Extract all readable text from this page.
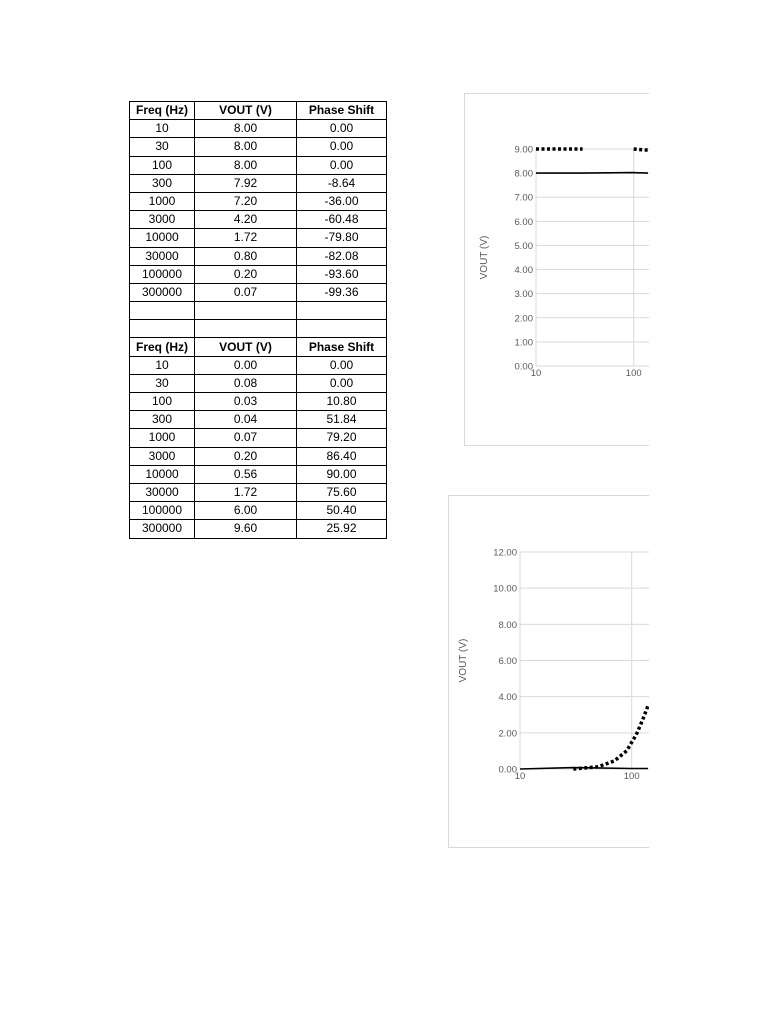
Freq (Hz)	VOUT (V)	Phase Shift
10	8.00	0.00
30	8.00	0.00
100	8.00	0.00
300	7.92	-8.64
1000	7.20	-36.00
3000	4.20	-60.48
10000	1.72	-79.80
30000	0.80	-82.08
100000	0.20	-93.60
300000	0.07	-99.36

Freq (Hz)	VOUT (V)	Phase Shift
10	0.00	0.00
30	0.08	0.00
100	0.03	10.80
300	0.04	51.84
1000	0.07	79.20
3000	0.20	86.40
10000	0.56	90.00
30000	1.72	75.60
100000	6.00	50.40
300000	9.60	25.92
0.00
1.00
2.00
3.00
4.00
5.00
6.00
7.00
8.00
9.00
10	100
VOUT (V)
0.00
2.00
4.00
6.00
8.00
10.00
12.00
10	100
VOUT (V)
